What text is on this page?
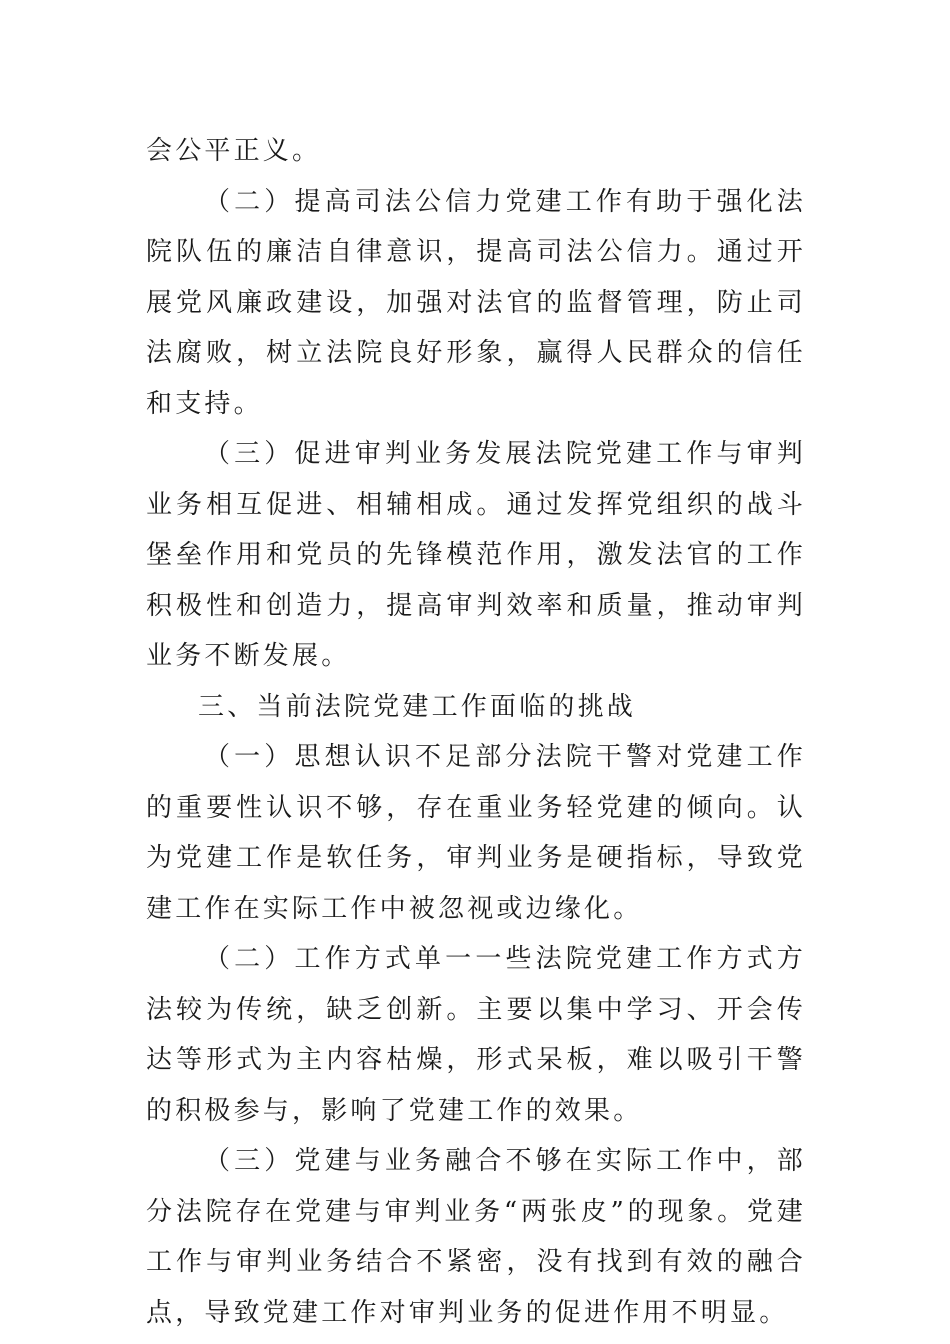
会公平正义。

（二）提高司法公信力党建工作有助于强化法院队伍的廉洁自律意识，提高司法公信力。通过开展党风廉政建设，加强对法官的监督管理，防止司法腐败，树立法院良好形象，赢得人民群众的信任和支持。

（三）促进审判业务发展法院党建工作与审判业务相互促进、相辅相成。通过发挥党组织的战斗堡垒作用和党员的先锋模范作用，激发法官的工作积极性和创造力，提高审判效率和质量，推动审判业务不断发展。

三、当前法院党建工作面临的挑战

（一）思想认识不足部分法院干警对党建工作的重要性认识不够，存在重业务轻党建的倾向。认为党建工作是软任务，审判业务是硬指标，导致党建工作在实际工作中被忽视或边缘化。

（二）工作方式单一一些法院党建工作方式方法较为传统，缺乏创新。主要以集中学习、开会传达等形式为主内容枯燥，形式呆板，难以吸引干警的积极参与，影响了党建工作的效果。

（三）党建与业务融合不够在实际工作中，部分法院存在党建与审判业务“两张皮”的现象。党建工作与审判业务结合不紧密，没有找到有效的融合点，导致党建工作对审判业务的促进作用不明显。
